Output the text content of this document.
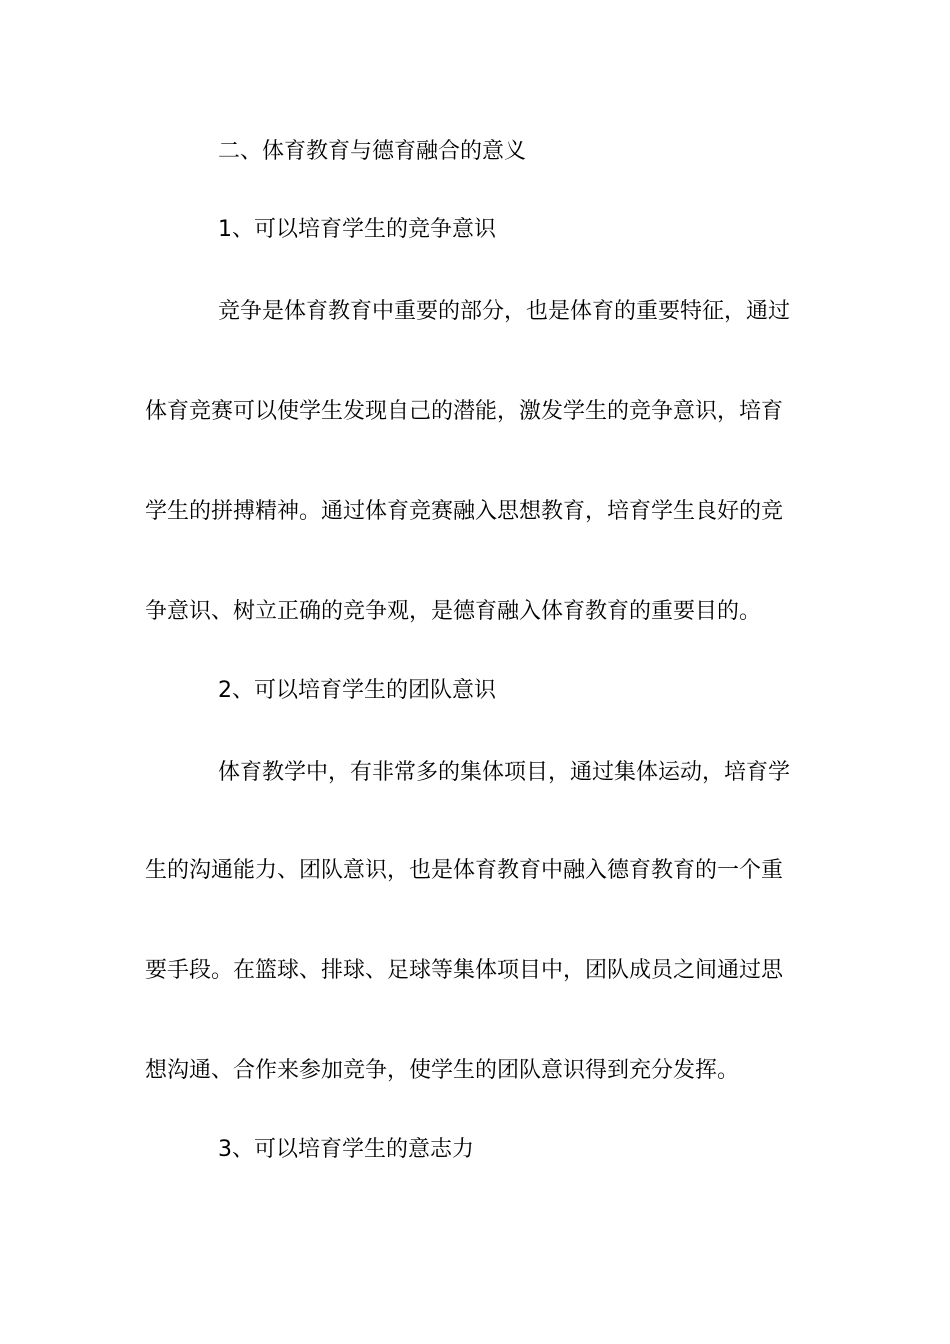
二、体育教育与德育融合的意义
1、可以培育学生的竞争意识
竞争是体育教育中重要的部分，也是体育的重要特征，通过
体育竞赛可以使学生发现自己的潜能，激发学生的竞争意识，培育
学生的拼搏精神。通过体育竞赛融入思想教育，培育学生良好的竞
争意识、树立正确的竞争观，是德育融入体育教育的重要目的。
2、可以培育学生的团队意识
体育教学中，有非常多的集体项目，通过集体运动，培育学
生的沟通能力、团队意识，也是体育教育中融入德育教育的一个重
要手段。在篮球、排球、足球等集体项目中，团队成员之间通过思
想沟通、合作来参加竞争，使学生的团队意识得到充分发挥。
3、可以培育学生的意志力
